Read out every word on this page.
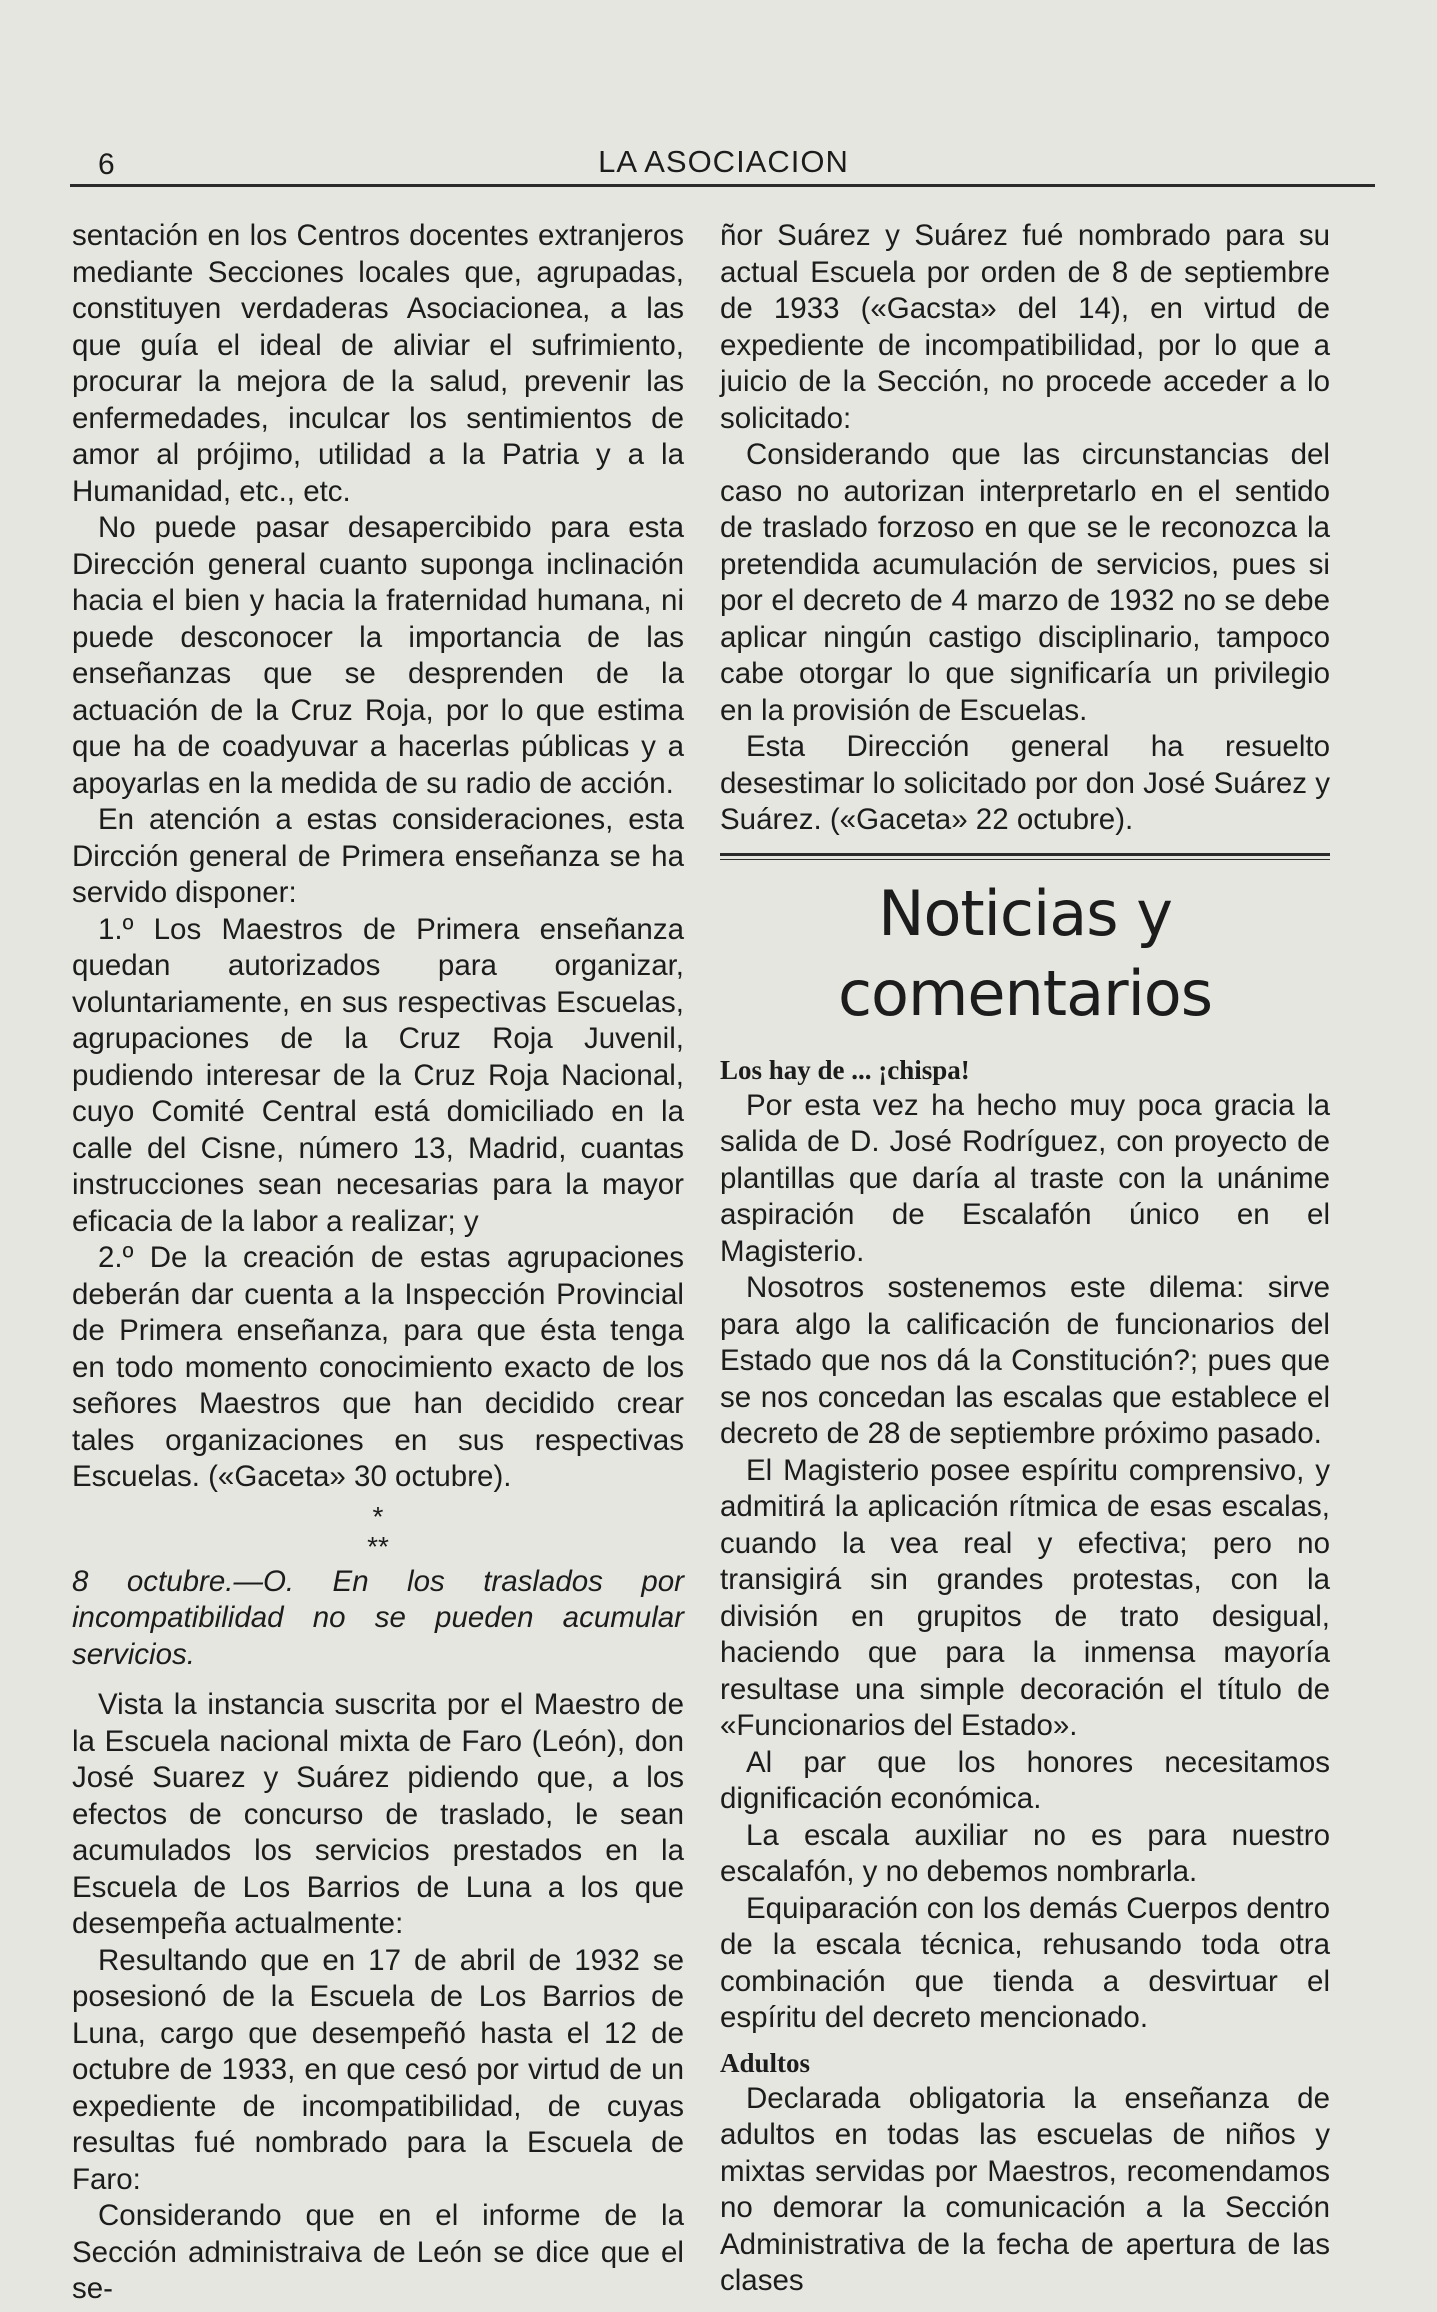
6	LA ASOCIACION

sentación en los Centros docentes extranjeros mediante Secciones locales que, agrupadas, constituyen verdaderas Asociacionea, a las que guía el ideal de aliviar el sufrimiento, procurar la mejora de la salud, prevenir las enfermedades, inculcar los sentimientos de amor al prójimo, utilidad a la Patria y a la Humanidad, etc., etc.

No puede pasar desapercibido para esta Dirección general cuanto suponga inclinación hacia el bien y hacia la fraternidad humana, ni puede desconocer la importancia de las enseñanzas que se desprenden de la actuación de la Cruz Roja, por lo que estima que ha de coadyuvar a hacerlas públicas y a apoyarlas en la medida de su radio de acción.

En atención a estas consideraciones, esta Dircción general de Primera enseñanza se ha servido disponer:

1.º Los Maestros de Primera enseñanza quedan autorizados para organizar, voluntariamente, en sus respectivas Escuelas, agrupaciones de la Cruz Roja Juvenil, pudiendo interesar de la Cruz Roja Nacional, cuyo Comité Central está domiciliado en la calle del Cisne, número 13, Madrid, cuantas instrucciones sean necesarias para la mayor eficacia de la labor a realizar; y

2.º De la creación de estas agrupaciones deberán dar cuenta a la Inspección Provincial de Primera enseñanza, para que ésta tenga en todo momento conocimiento exacto de los señores Maestros que han decidido crear tales organizaciones en sus respectivas Escuelas. («Gaceta» 30 octubre).

*
**

8 octubre.—O. En los traslados por incompatibilidad no se pueden acumular servicios.

Vista la instancia suscrita por el Maestro de la Escuela nacional mixta de Faro (León), don José Suarez y Suárez pidiendo que, a los efectos de concurso de traslado, le sean acumulados los servicios prestados en la Escuela de Los Barrios de Luna a los que desempeña actualmente:

Resultando que en 17 de abril de 1932 se posesionó de la Escuela de Los Barrios de Luna, cargo que desempeñó hasta el 12 de octubre de 1933, en que cesó por virtud de un expediente de incompatibilidad, de cuyas resultas fué nombrado para la Escuela de Faro:

Considerando que en el informe de la Sección administraiva de León se dice que el se-

ñor Suárez y Suárez fué nombrado para su actual Escuela por orden de 8 de septiembre de 1933 («Gacsta» del 14), en virtud de expediente de incompatibilidad, por lo que a juicio de la Sección, no procede acceder a lo solicitado:

Considerando que las circunstancias del caso no autorizan interpretarlo en el sentido de traslado forzoso en que se le reconozca la pretendida acumulación de servicios, pues si por el decreto de 4 marzo de 1932 no se debe aplicar ningún castigo disciplinario, tampoco cabe otorgar lo que significaría un privilegio en la provisión de Escuelas.

Esta Dirección general ha resuelto desestimar lo solicitado por don José Suárez y Suárez. («Gaceta» 22 octubre).

Noticias y comentarios
Los hay de ... ¡chispa!

Por esta vez ha hecho muy poca gracia la salida de D. José Rodríguez, con proyecto de plantillas que daría al traste con la unánime aspiración de Escalafón único en el Magisterio.

Nosotros sostenemos este dilema: sirve para algo la calificación de funcionarios del Estado que nos dá la Constitución?; pues que se nos concedan las escalas que establece el decreto de 28 de septiembre próximo pasado.

El Magisterio posee espíritu comprensivo, y admitirá la aplicación rítmica de esas escalas, cuando la vea real y efectiva; pero no transigirá sin grandes protestas, con la división en grupitos de trato desigual, haciendo que para la inmensa mayoría resultase una simple decoración el título de «Funcionarios del Estado».

Al par que los honores necesitamos dignificación económica.

La escala auxiliar no es para nuestro escalafón, y no debemos nombrarla.

Equiparación con los demás Cuerpos dentro de la escala técnica, rehusando toda otra combinación que tienda a desvirtuar el espíritu del decreto mencionado.

Adultos

Declarada obligatoria la enseñanza de adultos en todas las escuelas de niños y mixtas servidas por Maestros, recomendamos no demorar la comunicación a la Sección Administrativa de la fecha de apertura de las clases
